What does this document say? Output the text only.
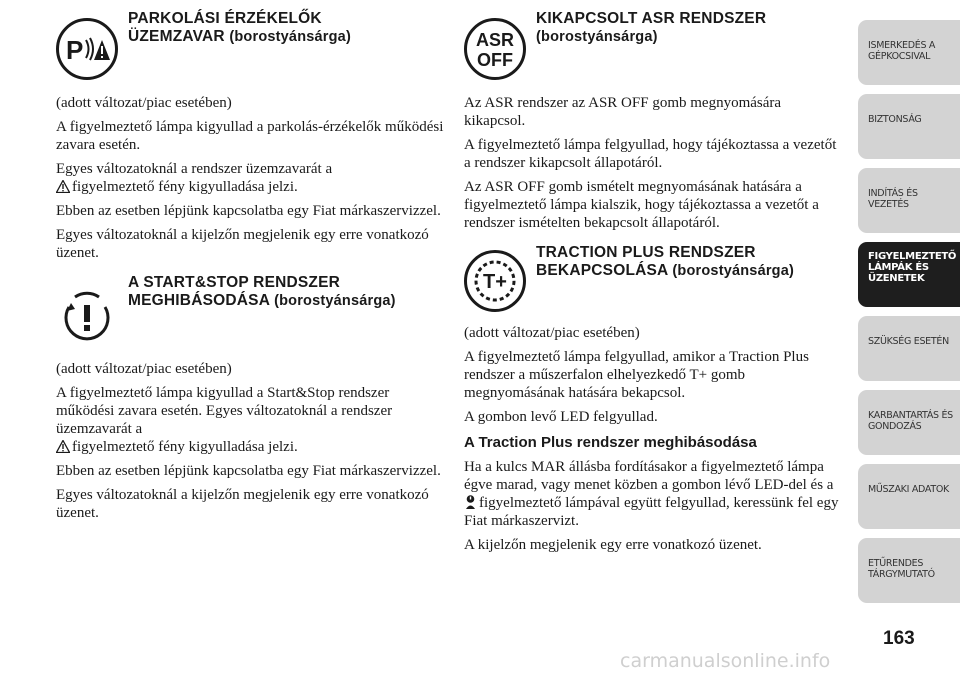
P
PARKOLÁSI ÉRZÉKELŐK
ÜZEMZAVAR (borostyánsárga)

(adott változat/piac esetében)

A figyelmeztető lámpa kigyullad a parkolás-érzékelők működési zavara esetén.

Egyes változatoknál a rendszer üzemzavarát a
figyelmeztető fény kigyulladása jelzi.

Ebben az esetben lépjünk kapcsolatba egy Fiat márkaszervizzel.

Egyes változatoknál a kijelzőn megjelenik egy erre vonatkozó üzenet.

A START&STOP RENDSZER
MEGHIBÁSODÁSA (borostyánsárga)

(adott változat/piac esetében)

A figyelmeztető lámpa kigyullad a Start&Stop rendszer működési zavara esetén. Egyes változatoknál a rendszer üzemzavarát a
figyelmeztető fény kigyulladása jelzi.

Ebben az esetben lépjünk kapcsolatba egy Fiat márkaszervizzel.

Egyes változatoknál a kijelzőn megjelenik egy erre vonatkozó üzenet.

ASR
OFF
KIKAPCSOLT ASR RENDSZER
(borostyánsárga)

Az ASR rendszer az ASR OFF gomb megnyomására kikapcsol.

A figyelmeztető lámpa felgyullad, hogy tájékoztassa a vezetőt a rendszer kikapcsolt állapotáról.

Az ASR OFF gomb ismételt megnyomásának hatására a figyelmeztető lámpa kialszik, hogy tájékoztassa a vezetőt a rendszer ismételten bekapcsolt állapotáról.

T+
TRACTION PLUS RENDSZER
BEKAPCSOLÁSA (borostyánsárga)

(adott változat/piac esetében)

A figyelmeztető lámpa felgyullad, amikor a Traction Plus rendszer a műszerfalon elhelyezkedő T+ gomb megnyomásának hatására bekapcsol.

A gombon levő LED felgyullad.

A Traction Plus rendszer meghibásodása

Ha a kulcs MAR állásba fordításakor a figyelmeztető lámpa égve marad, vagy menet közben a gombon lévő LED-del és a figyelmeztető lámpával együtt felgyullad, keressünk fel egy Fiat márkaszervizt.

A kijelzőn megjelenik egy erre vonatkozó üzenet.

ISMERKEDÉS A
GÉPKOCSIVAL
BIZTONSÁG
INDÍTÁS ÉS VEZETÉS
FIGYELMEZTETŐ
LÁMPÁK ÉS
ÜZENETEK
SZÜKSÉG ESETÉN
KARBANTARTÁS ÉS
GONDOZÁS
MŰSZAKI ADATOK
ETŰRENDES
TÁRGYMUTATÓ
163
carmanualsonline.info
